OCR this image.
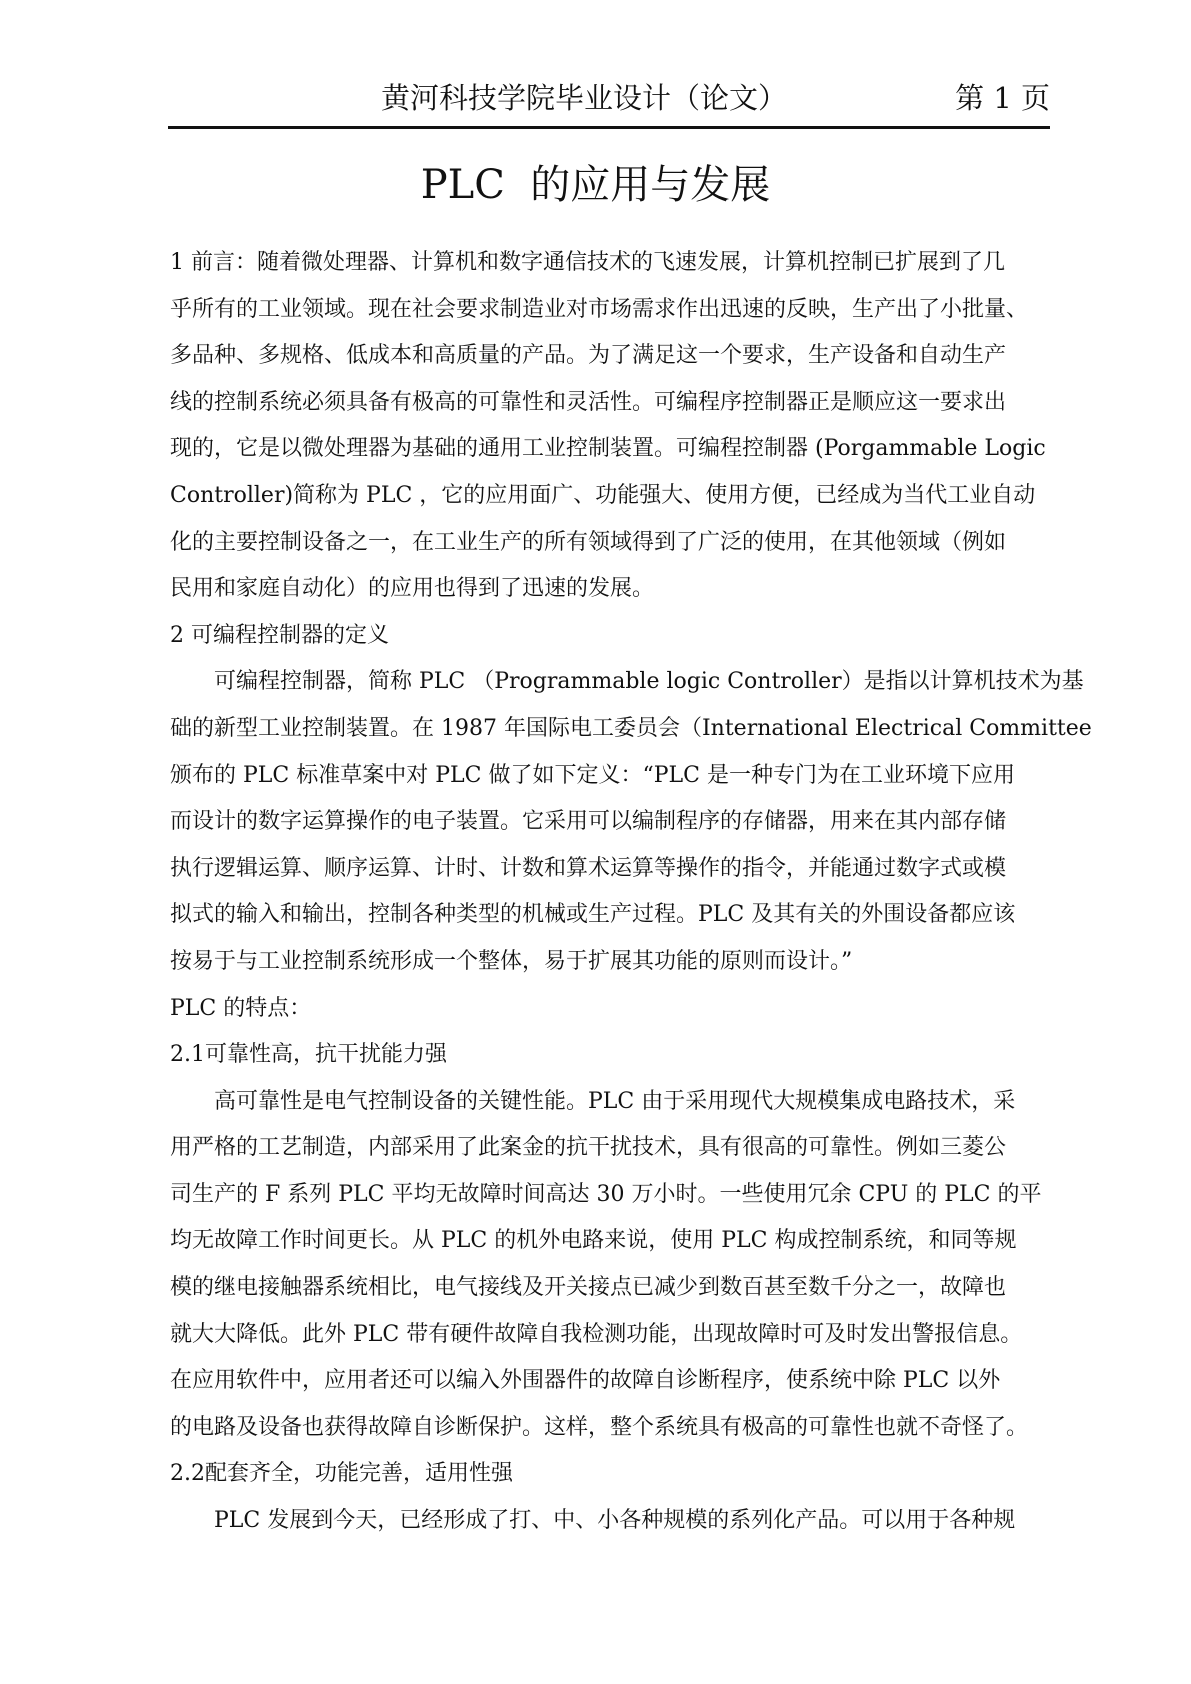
黄河科技学院毕业设计（论文）	第 1 页
PLC  的应用与发展
1 前言：随着微处理器、计算机和数字通信技术的飞速发展，计算机控制已扩展到了几
乎所有的工业领域。现在社会要求制造业对市场需求作出迅速的反映，生产出了小批量、
多品种、多规格、低成本和高质量的产品。为了满足这一个要求，生产设备和自动生产
线的控制系统必须具备有极高的可靠性和灵活性。可编程序控制器正是顺应这一要求出
现的，它是以微处理器为基础的通用工业控制装置。可编程控制器 (Porgammable Logic
Controller)简称为 PLC ，它的应用面广、功能强大、使用方便，已经成为当代工业自动
化的主要控制设备之一，在工业生产的所有领域得到了广泛的使用，在其他领域（例如
民用和家庭自动化）的应用也得到了迅速的发展。
2 可编程控制器的定义
可编程控制器，简称 PLC （Programmable logic Controller）是指以计算机技术为基
础的新型工业控制装置。在 1987 年国际电工委员会（International Electrical Committee
颁布的 PLC 标准草案中对 PLC 做了如下定义：“PLC 是一种专门为在工业环境下应用
而设计的数字运算操作的电子装置。它采用可以编制程序的存储器，用来在其内部存储
执行逻辑运算、顺序运算、计时、计数和算术运算等操作的指令，并能通过数字式或模
拟式的输入和输出，控制各种类型的机械或生产过程。PLC 及其有关的外围设备都应该
按易于与工业控制系统形成一个整体，易于扩展其功能的原则而设计。”
PLC 的特点：
2.1可靠性高，抗干扰能力强
高可靠性是电气控制设备的关键性能。PLC 由于采用现代大规模集成电路技术，采
用严格的工艺制造，内部采用了此案金的抗干扰技术，具有很高的可靠性。例如三菱公
司生产的 F 系列 PLC 平均无故障时间高达 30 万小时。一些使用冗余 CPU 的 PLC 的平
均无故障工作时间更长。从 PLC 的机外电路来说，使用 PLC 构成控制系统，和同等规
模的继电接触器系统相比，电气接线及开关接点已减少到数百甚至数千分之一，故障也
就大大降低。此外 PLC 带有硬件故障自我检测功能，出现故障时可及时发出警报信息。
在应用软件中，应用者还可以编入外围器件的故障自诊断程序，使系统中除 PLC 以外
的电路及设备也获得故障自诊断保护。这样，整个系统具有极高的可靠性也就不奇怪了。
2.2配套齐全，功能完善，适用性强
PLC 发展到今天，已经形成了打、中、小各种规模的系列化产品。可以用于各种规
